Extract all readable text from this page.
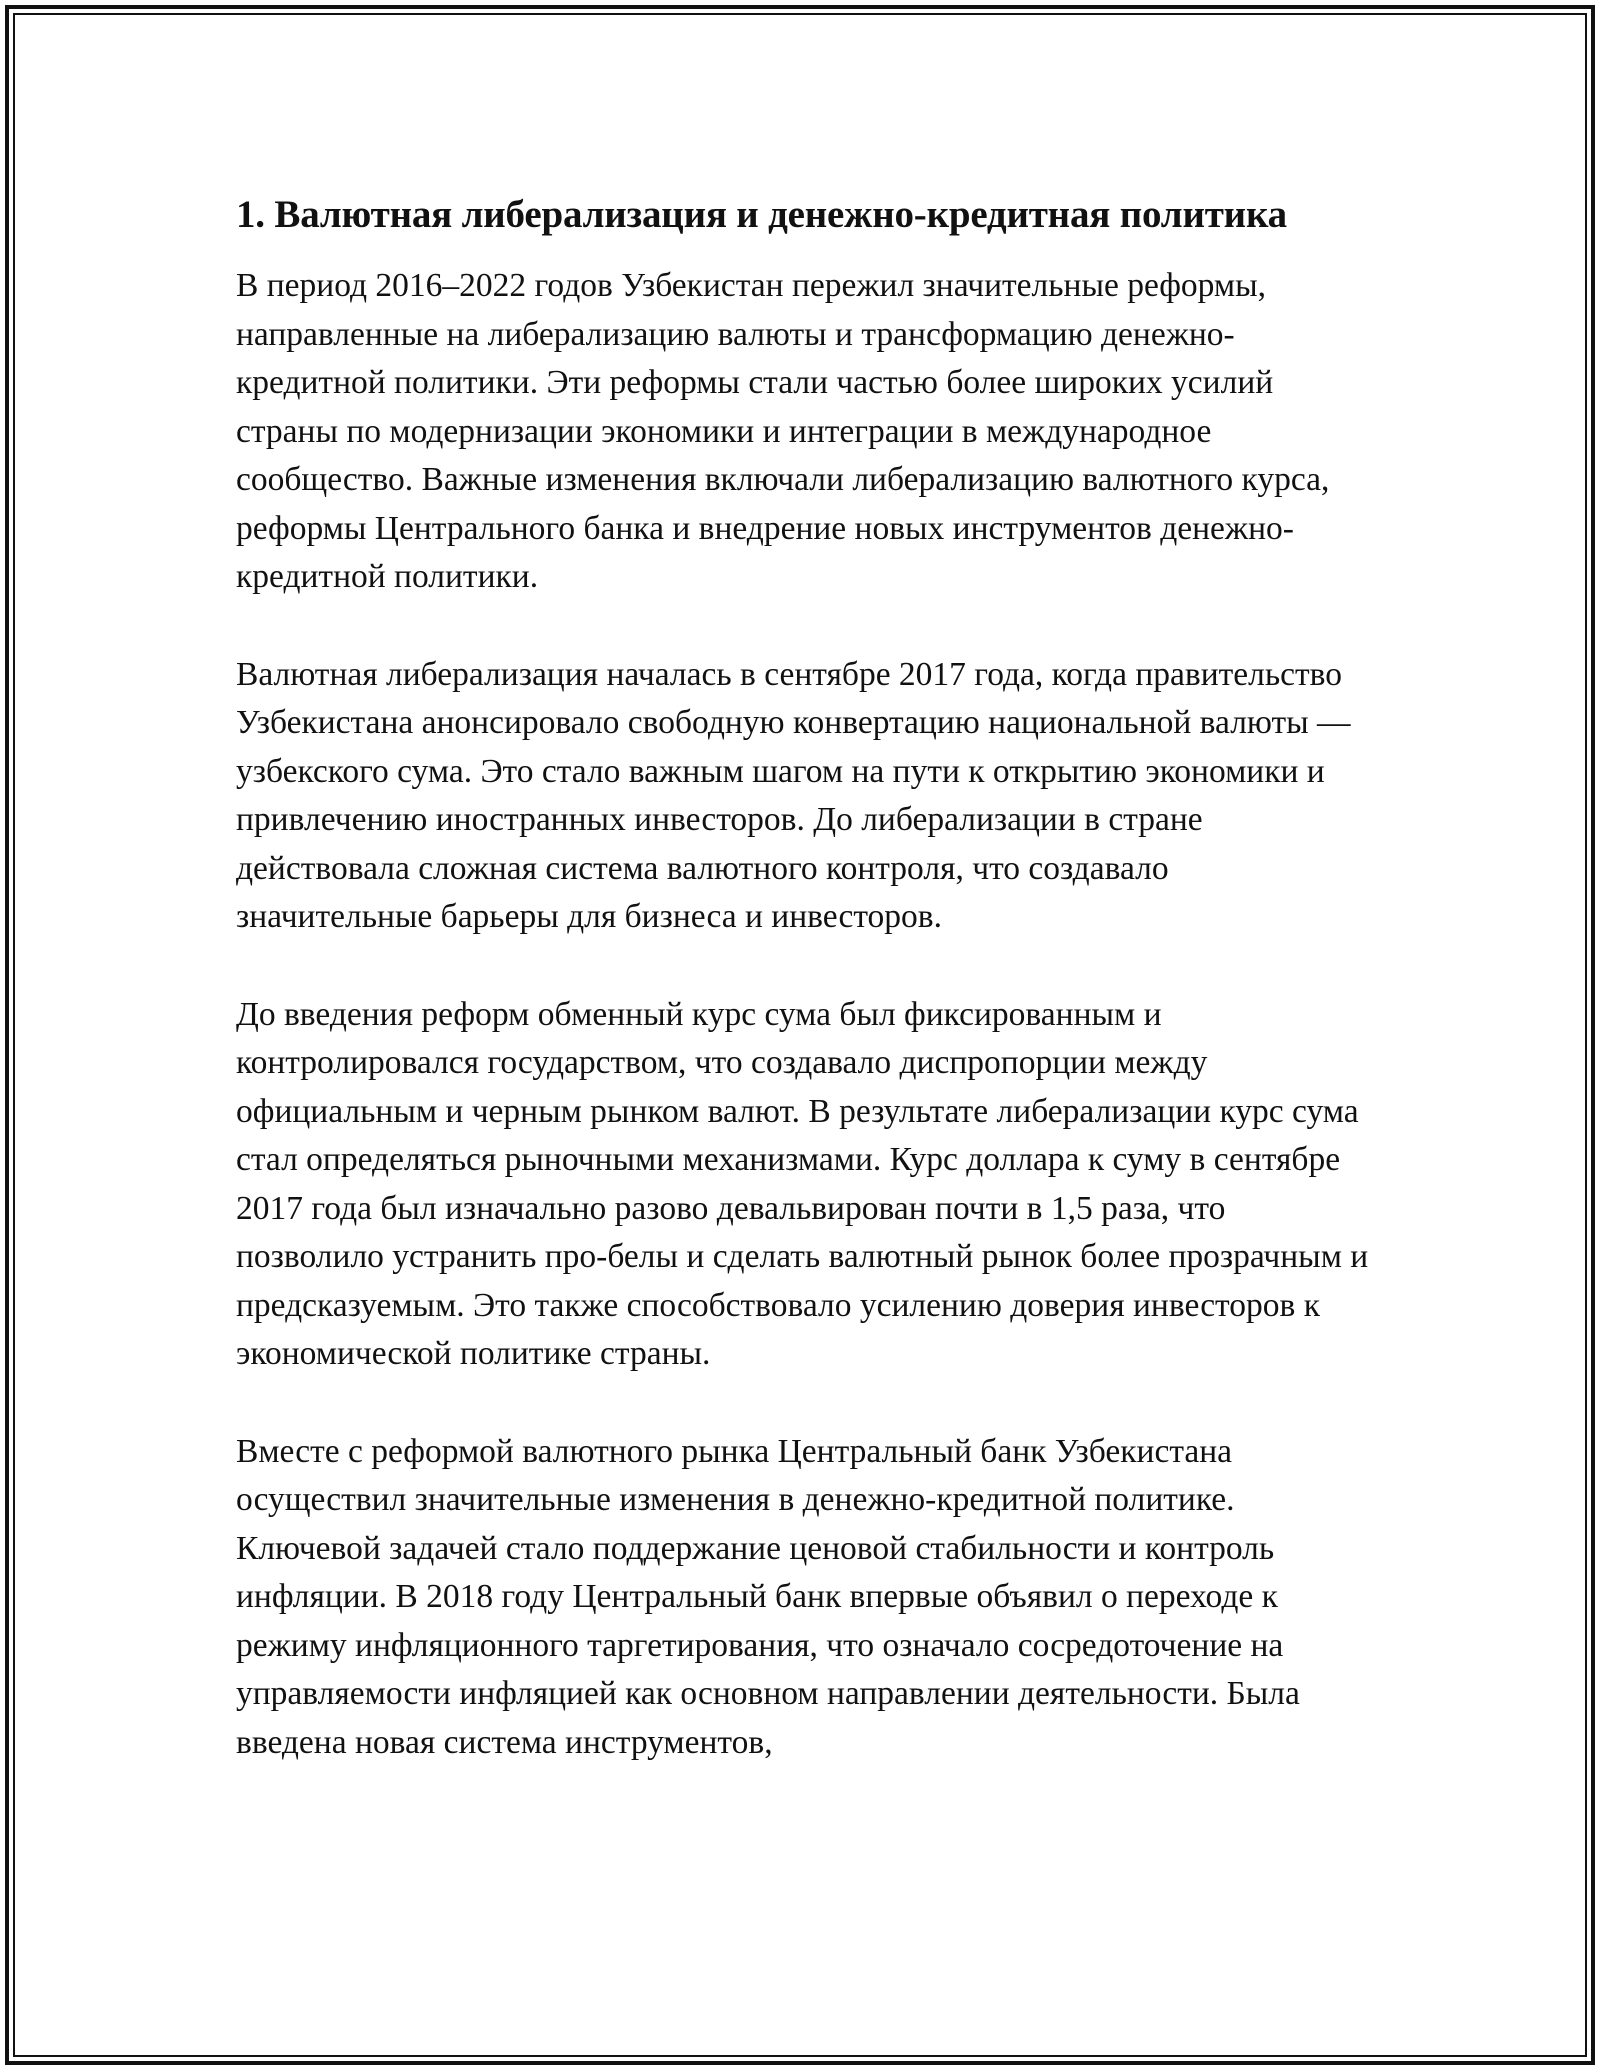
1. Валютная либерализация и денежно-кредитная политика

В период 2016–2022 годов Узбекистан пережил значительные реформы, направленные на либерализацию валюты и трансформацию денежно-кредитной политики. Эти реформы стали частью более широких усилий страны по модернизации экономики и интеграции в международное сообщество. Важные изменения включали либерализацию валютного курса, реформы Центрального банка и внедрение новых инструментов денежно-кредитной политики.

Валютная либерализация началась в сентябре 2017 года, когда правительство Узбекистана анонсировало свободную конвертацию национальной валюты — узбекского сума. Это стало важным шагом на пути к открытию экономики и привлечению иностранных инвесторов. До либерализации в стране действовала сложная система валютного контроля, что создавало значительные барьеры для бизнеса и инвесторов.

До введения реформ обменный курс сума был фиксированным и контролировался государством, что создавало диспропорции между официальным и черным рынком валют. В результате либерализации курс сума стал определяться рыночными механизмами. Курс доллара к суму в сентябре 2017 года был изначально разово девальвирован почти в 1,5 раза, что позволило устранить про-белы и сделать валютный рынок более прозрачным и предсказуемым. Это также способствовало усилению доверия инвесторов к экономической политике страны.

Вместе с реформой валютного рынка Центральный банк Узбекистана осуществил значительные изменения в денежно-кредитной политике. Ключевой задачей стало поддержание ценовой стабильности и контроль инфляции. В 2018 году Центральный банк впервые объявил о переходе к режиму инфляционного таргетирования, что означало сосредоточение на управляемости инфляцией как основном направлении деятельности. Была введена новая система инструментов,
